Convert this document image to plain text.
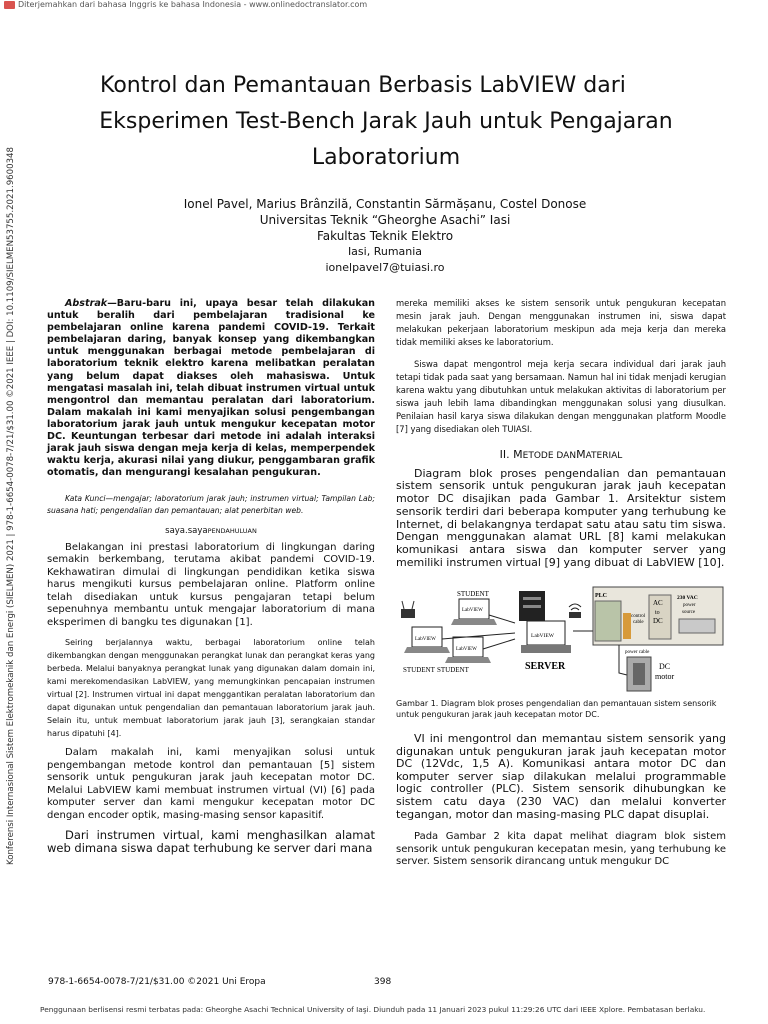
Diterjemahkan dari bahasa Inggris ke bahasa Indonesia - www.onlinedoctranslator.com
Kontrol dan Pemantauan Berbasis LabVIEW dari
Eksperimen Test-Bench Jarak Jauh untuk Pengajaran
Laboratorium
Ionel Pavel, Marius Brânzilă, Constantin Sărmășanu, Costel Donose
Universitas Teknik “Gheorghe Asachi” Iasi
Fakultas Teknik Elektro
Iasi, Rumania
ionelpavel7@tuiasi.ro
Konferensi Internasional Sistem Elektromekanik dan Energi (SIELMEN) 2021 | 978-1-6654-0078-7/21/$31.00 ©2021 IEEE | DOI: 10.1109/SIELMEN53755.2021.9600348	Abstrak—Baru-baru ini, upaya besar telah dilakukan untuk beralih dari pembelajaran tradisional ke pembelajaran online karena pandemi COVID-19. Terkait pembelajaran daring, banyak konsep yang dikembangkan untuk menggunakan berbagai metode pembelajaran di laboratorium teknik elektro karena melibatkan peralatan yang belum dapat diakses oleh mahasiswa. Untuk mengatasi masalah ini, telah dibuat instrumen virtual untuk mengontrol dan memantau peralatan dari laboratorium. Dalam makalah ini kami menyajikan solusi pengembangan laboratorium jarak jauh untuk mengukur kecepatan motor DC. Keuntungan terbesar dari metode ini adalah interaksi jarak jauh siswa dengan meja kerja di kelas, memperpendek waktu kerja, akurasi nilai yang diukur, penggambaran grafik otomatis, dan mengurangi kesalahan pengukuran.

Kata Kunci—mengajar; laboratorium jarak jauh; instrumen virtual; Tampilan Lab; suasana hati; pengendalian dan pemantauan; alat penerbitan web.

saya.sayaPENDAHULUAN

Belakangan ini prestasi laboratorium di lingkungan daring semakin berkembang, terutama akibat pandemi COVID-19. Kekhawatiran dimulai di lingkungan pendidikan ketika siswa harus mengikuti kursus pembelajaran online. Platform online telah disediakan untuk kursus pengajaran tetapi belum sepenuhnya membantu untuk mengajar laboratorium di mana eksperimen di bangku tes digunakan [1].

Seiring berjalannya waktu, berbagai laboratorium online telah dikembangkan dengan menggunakan perangkat lunak dan perangkat keras yang berbeda. Melalui banyaknya perangkat lunak yang digunakan dalam domain ini, kami merekomendasikan LabVIEW, yang memungkinkan pencapaian instrumen virtual [2]. Instrumen virtual ini dapat menggantikan peralatan laboratorium dan dapat digunakan untuk pengendalian dan pemantauan laboratorium jarak jauh. Selain itu, untuk membuat laboratorium jarak jauh [3], serangkaian standar harus dipatuhi [4].

Dalam makalah ini, kami menyajikan solusi untuk pengembangan metode kontrol dan pemantauan [5] sistem sensorik untuk pengukuran jarak jauh kecepatan motor DC. Melalui LabVIEW kami membuat instrumen virtual (VI) [6] pada komputer server dan kami mengukur kecepatan motor DC dengan encoder optik, masing-masing sensor kapasitif.

Dari instrumen virtual, kami menghasilkan alamat web dimana siswa dapat terhubung ke server dari mana

mereka memiliki akses ke sistem sensorik untuk pengukuran kecepatan mesin jarak jauh. Dengan menggunakan instrumen ini, siswa dapat melakukan pekerjaan laboratorium meskipun ada meja kerja dan mereka tidak memiliki akses ke laboratorium.

Siswa dapat mengontrol meja kerja secara individual dari jarak jauh tetapi tidak pada saat yang bersamaan. Namun hal ini tidak menjadi kerugian karena waktu yang dibutuhkan untuk melakukan aktivitas di laboratorium per siswa jauh lebih lama dibandingkan menggunakan solusi yang diusulkan. Penilaian hasil karya siswa dilakukan dengan menggunakan platform Moodle [7] yang disediakan oleh TUIASI.

II. METODE DANMATERIAL

Diagram blok proses pengendalian dan pemantauan sistem sensorik untuk pengukuran jarak jauh kecepatan motor DC disajikan pada Gambar 1. Arsitektur sistem sensorik terdiri dari beberapa komputer yang terhubung ke Internet, di belakangnya terdapat satu atau satu tim siswa. Dengan menggunakan alamat URL [8] kami melakukan komunikasi antara siswa dan komputer server yang memiliki instrumen virtual [9] yang dibuat di LabVIEW [10].

STUDENT
LabVIEW
LabVIEW
LabVIEW
STUDENT STUDENT
LabVIEW
SERVER
PLC
control
cable
AC
to
DC
230 VAC
power
source
power cable
DC
motor
Gambar 1. Diagram blok proses pengendalian dan pemantauan sistem sensorik untuk pengukuran jarak jauh kecepatan motor DC.

VI ini mengontrol dan memantau sistem sensorik yang digunakan untuk pengukuran jarak jauh kecepatan motor DC (12Vdc, 1,5 A). Komunikasi antara motor DC dan komputer server siap dilakukan melalui programmable logic controller (PLC). Sistem sensorik dihubungkan ke sistem catu daya (230 VAC) dan melalui konverter tegangan, motor dan masing-masing PLC dapat disuplai.

Pada Gambar 2 kita dapat melihat diagram blok sistem sensorik untuk pengukuran kecepatan mesin, yang terhubung ke server. Sistem sensorik dirancang untuk mengukur DC

978-1-6654-0078-7/21/$31.00 ©2021 Uni Eropa	398
Penggunaan berlisensi resmi terbatas pada: Gheorghe Asachi Technical University of Iaşi. Diunduh pada 11 Januari 2023 pukul 11:29:26 UTC dari IEEE Xplore. Pembatasan berlaku.
